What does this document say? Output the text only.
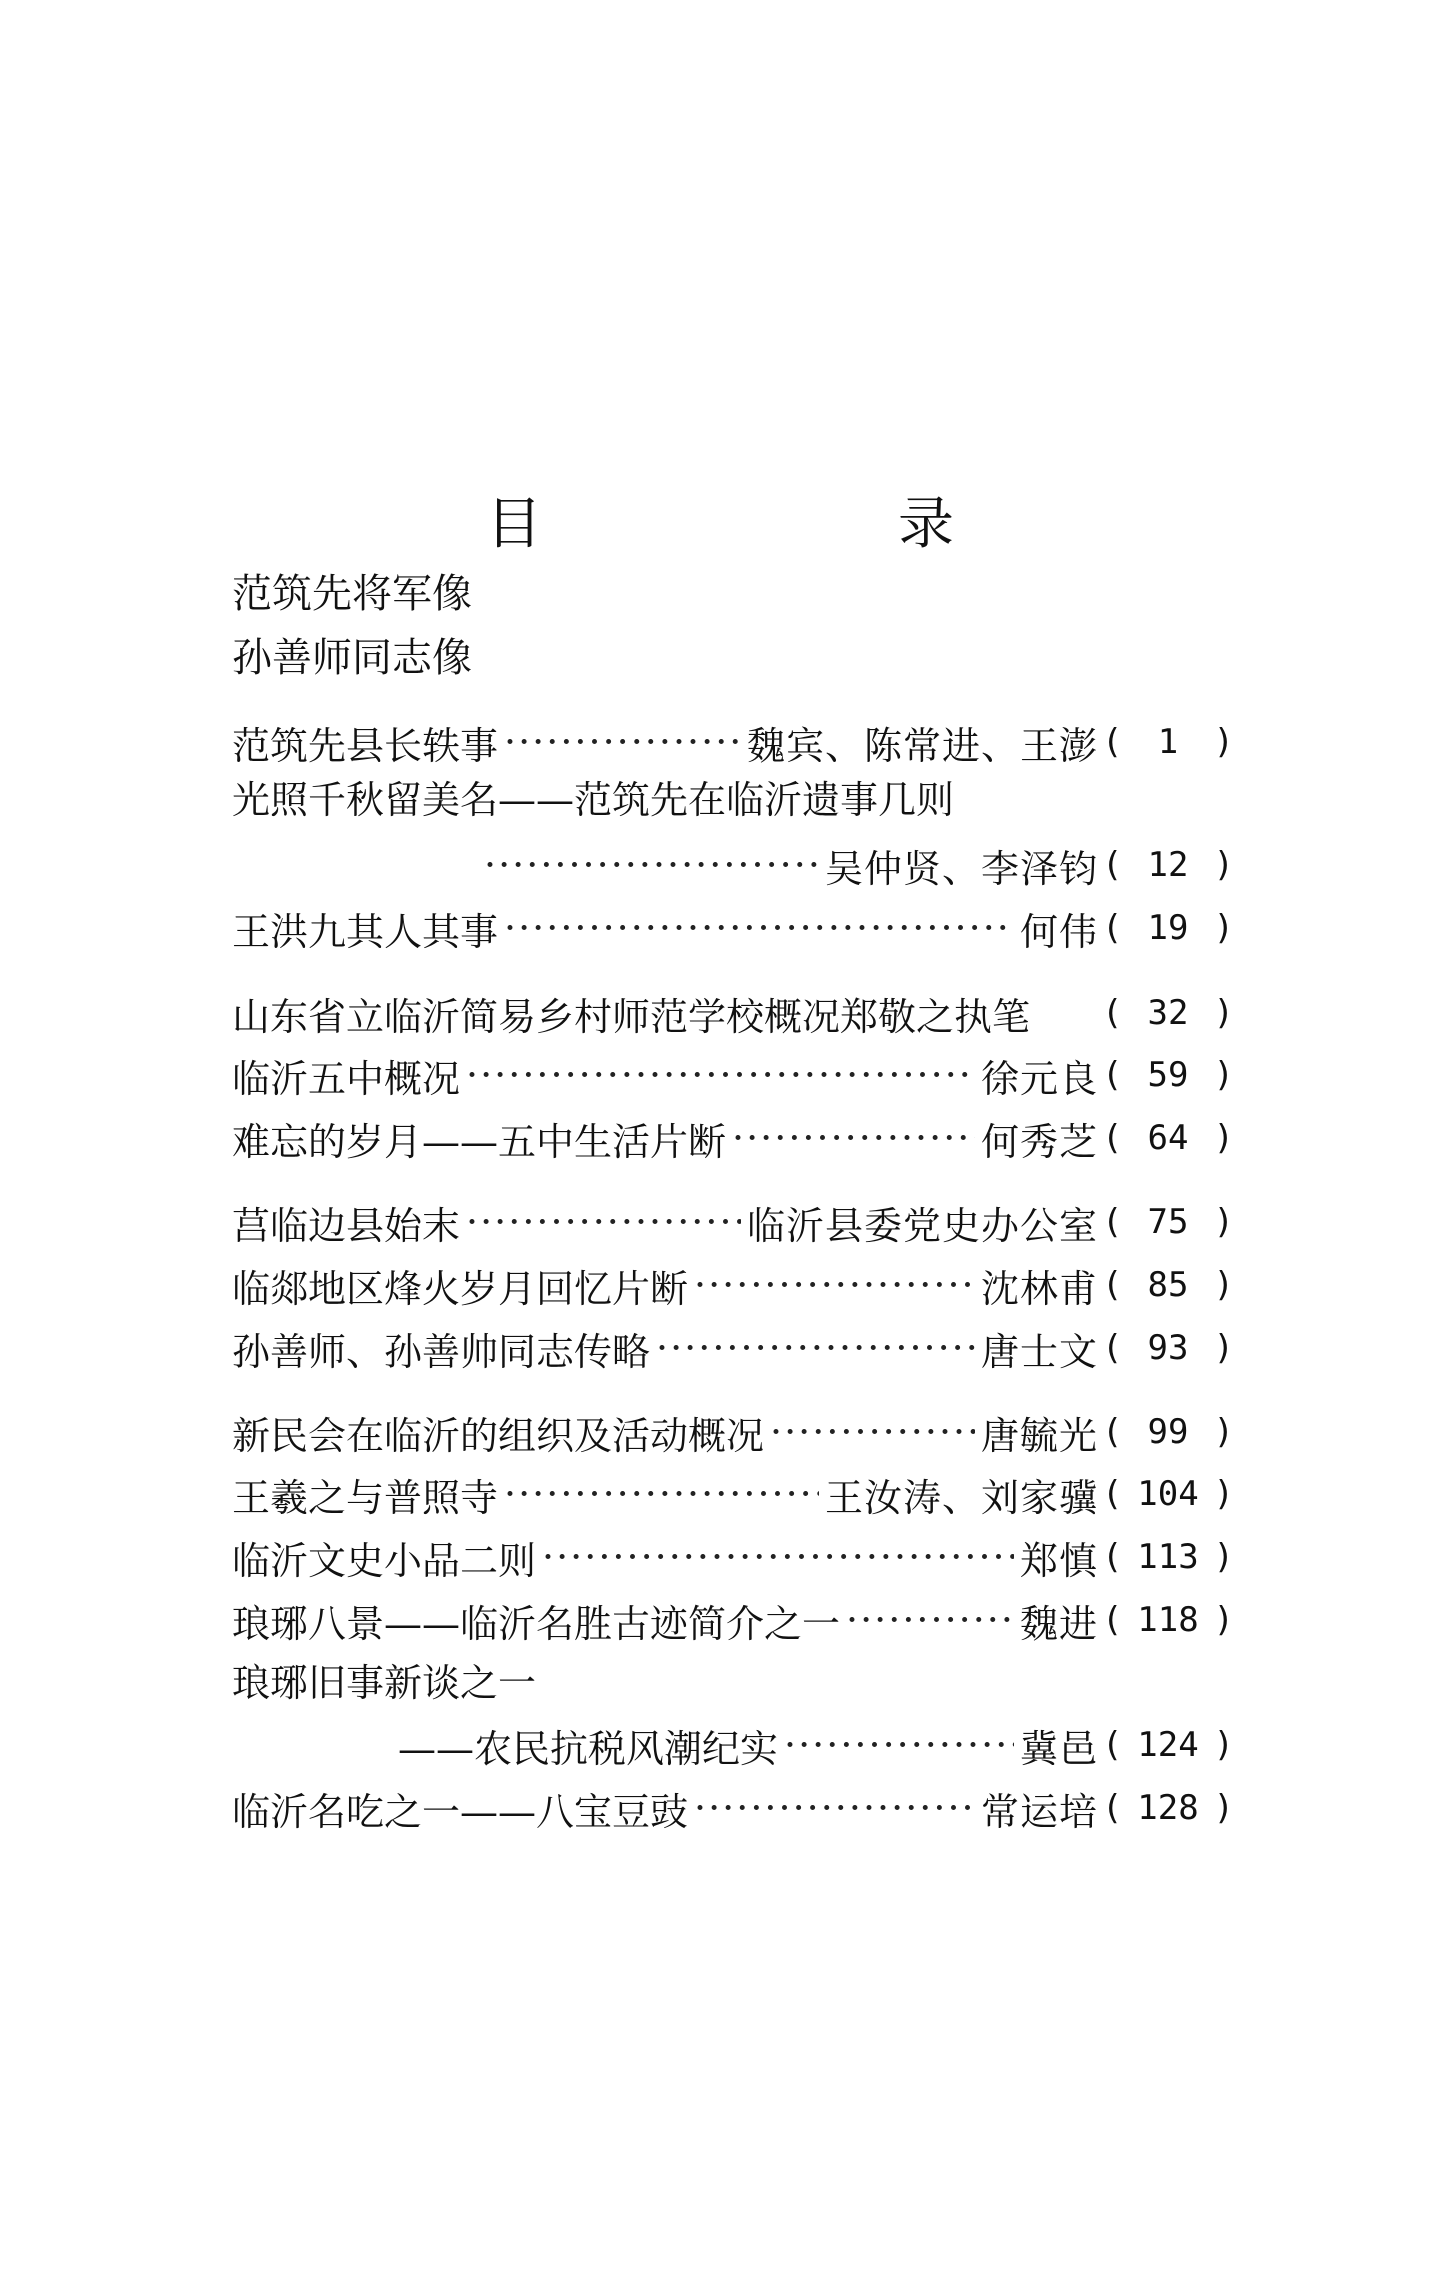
目　录
范筑先将军像
孙善师同志像
范筑先县长轶事 ·····	魏宾、陈常进、王澎 (	1	)
光照千秋留美名——范筑先在临沂遗事几则
·····
吴仲贤、李泽钧 ( 12 )
王洪九其人其事 ·····	何伟 ( 19 )
山东省立临沂简易乡村师范学校概况郑敬之执笔 ( 32 )
临沂五中概况 ·····	徐元良 ( 59 )
难忘的岁月——五中生活片断 ·····	何秀芝 ( 64 )
莒临边县始末 ·····	临沂县委党史办公室 ( 75 )
临郯地区烽火岁月回忆片断 ·····	沈林甫 ( 85 )
孙善师、孙善帅同志传略 ·····	唐士文 ( 93 )
新民会在临沂的组织及活动概况 ·····	唐毓光 ( 99 )
王羲之与普照寺 ·····	王汝涛、刘家骥 ( 104 )
临沂文史小品二则 ·····	郑慎 ( 113 )
琅琊八景——临沂名胜古迹简介之一 ·····	魏进 ( 118 )
琅琊旧事新谈之一
——农民抗税风潮纪实 ·····	冀邑 ( 124 )
临沂名吃之一——八宝豆豉 ·····	常运培 ( 128 )
